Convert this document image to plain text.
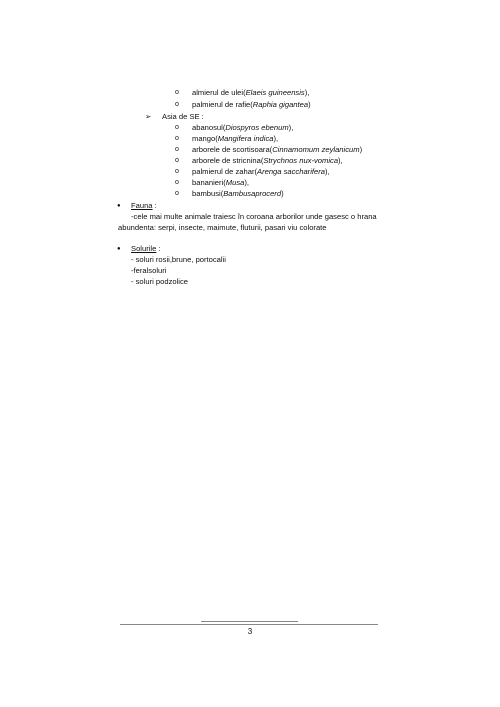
o almierul de ulei(Elaeis guineensis),
o palmierul de rafie(Raphia gigantea)
➢ Asia de SE :
o abanosul(Diospyros ebenum),
o mango(Mangifera indica),
o arborele de scortisoara(Cinnamomum zeylanicum)
o arborele de stricnina(Strychnos nux-vomica),
o palmierul de zahar(Arenga saccharifera),
o bananieri(Musa),
o bambusi(Bambusaprocerd)
● Fauna :
-cele mai multe animale traiesc în coroana arborilor unde gasesc o hrana
abundenta: serpi, insecte, maimute, fluturii, pasari viu colorate
● Solurile :
- soluri rosii,brune, portocalii
-feralsoluri
- soluri podzolice
3
